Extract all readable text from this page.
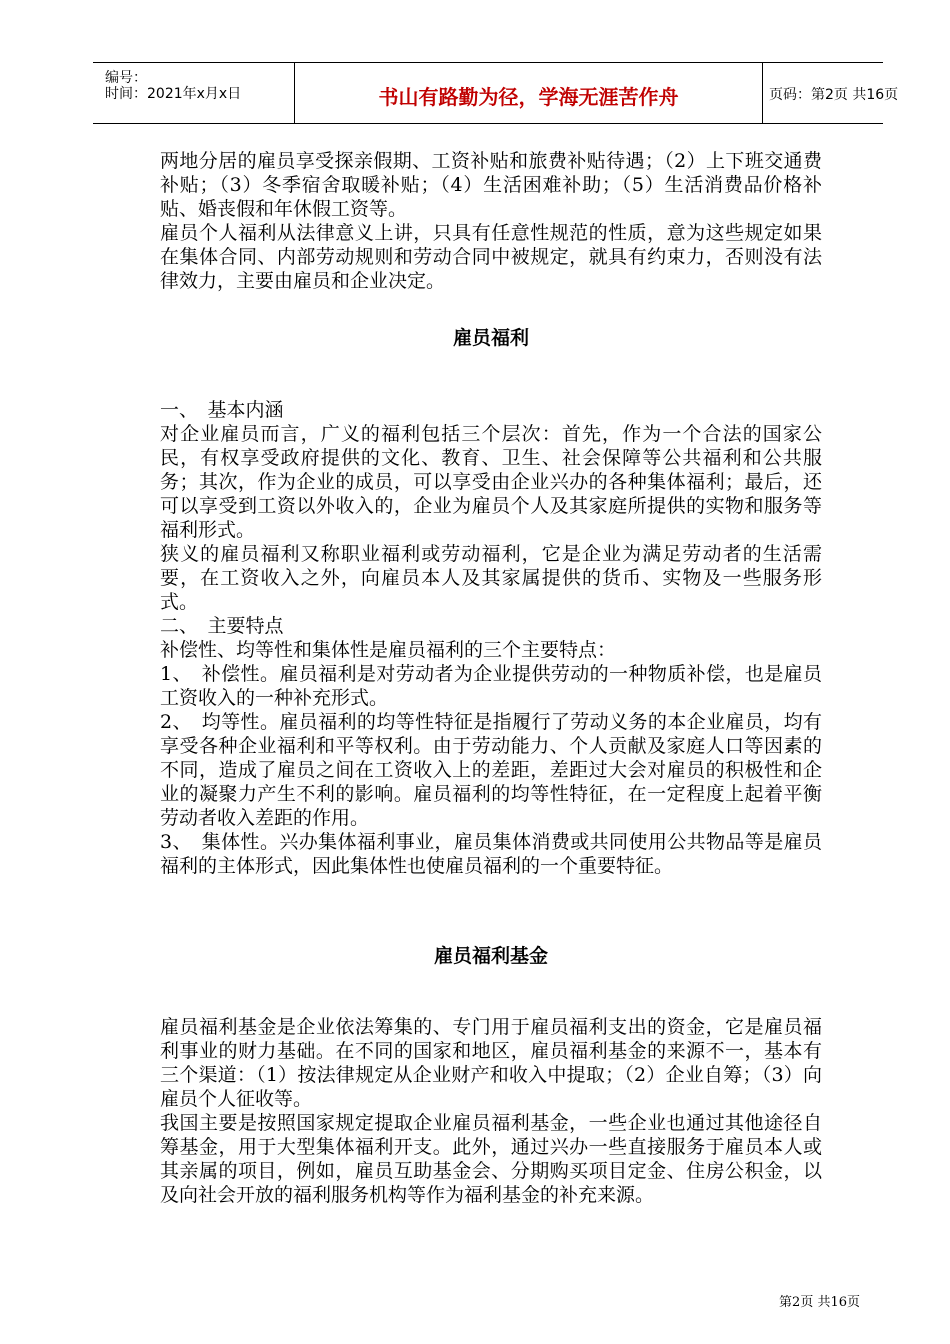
编号：
时间：2021年x月x日	书山有路勤为径，学海无涯苦作舟	页码：第2页 共16页

两地分居的雇员享受探亲假期、工资补贴和旅费补贴待遇；（2）上下班交通费补贴；（3）冬季宿舍取暖补贴；（4）生活困难补助；（5）生活消费品价格补贴、婚丧假和年休假工资等。

雇员个人福利从法律意义上讲，只具有任意性规范的性质，意为这些规定如果在集体合同、内部劳动规则和劳动合同中被规定，就具有约束力，否则没有法律效力，主要由雇员和企业决定。

雇员福利

一、　基本内涵

对企业雇员而言，广义的福利包括三个层次：首先，作为一个合法的国家公民，有权享受政府提供的文化、教育、卫生、社会保障等公共福利和公共服务；其次，作为企业的成员，可以享受由企业兴办的各种集体福利；最后，还可以享受到工资以外收入的，企业为雇员个人及其家庭所提供的实物和服务等福利形式。

狭义的雇员福利又称职业福利或劳动福利，它是企业为满足劳动者的生活需要，在工资收入之外，向雇员本人及其家属提供的货币、实物及一些服务形式。

二、　主要特点

补偿性、均等性和集体性是雇员福利的三个主要特点：

1、　补偿性。雇员福利是对劳动者为企业提供劳动的一种物质补偿，也是雇员工资收入的一种补充形式。

2、　均等性。雇员福利的均等性特征是指履行了劳动义务的本企业雇员，均有享受各种企业福利和平等权利。由于劳动能力、个人贡献及家庭人口等因素的不同，造成了雇员之间在工资收入上的差距，差距过大会对雇员的积极性和企业的凝聚力产生不利的影响。雇员福利的均等性特征，在一定程度上起着平衡劳动者收入差距的作用。

3、　集体性。兴办集体福利事业，雇员集体消费或共同使用公共物品等是雇员福利的主体形式，因此集体性也使雇员福利的一个重要特征。

雇员福利基金

雇员福利基金是企业依法筹集的、专门用于雇员福利支出的资金，它是雇员福利事业的财力基础。在不同的国家和地区，雇员福利基金的来源不一，基本有三个渠道：（1）按法律规定从企业财产和收入中提取；（2）企业自筹；（3）向雇员个人征收等。

我国主要是按照国家规定提取企业雇员福利基金，一些企业也通过其他途径自筹基金，用于大型集体福利开支。此外，通过兴办一些直接服务于雇员本人或其亲属的项目，例如，雇员互助基金会、分期购买项目定金、住房公积金，以及向社会开放的福利服务机构等作为福利基金的补充来源。

第2页 共16页
